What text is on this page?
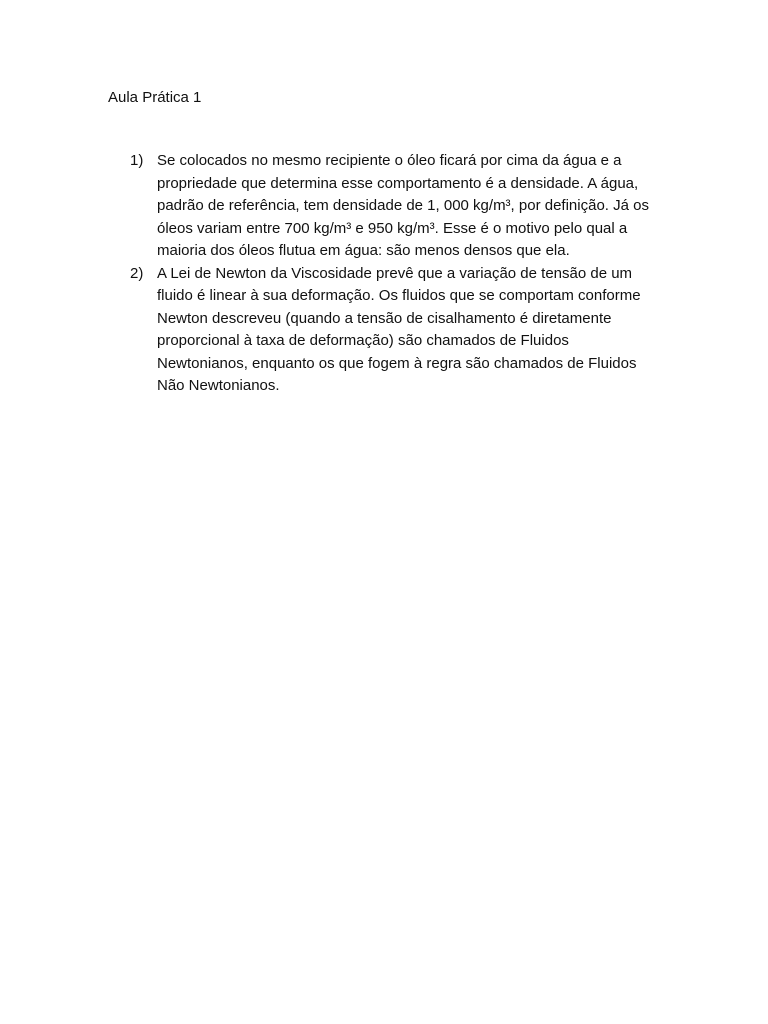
Aula Prática 1
1) Se colocados no mesmo recipiente o óleo ficará por cima da água e a propriedade que determina esse comportamento é a densidade. A água, padrão de referência, tem densidade de 1, 000 kg/m³, por definição. Já os óleos variam entre 700 kg/m³ e 950 kg/m³. Esse é o motivo pelo qual a maioria dos óleos flutua em água: são menos densos que ela.
2) A Lei de Newton da Viscosidade prevê que a variação de tensão de um fluido é linear à sua deformação. Os fluidos que se comportam conforme Newton descreveu (quando a tensão de cisalhamento é diretamente proporcional à taxa de deformação) são chamados de Fluidos Newtonianos, enquanto os que fogem à regra são chamados de Fluidos Não Newtonianos.
